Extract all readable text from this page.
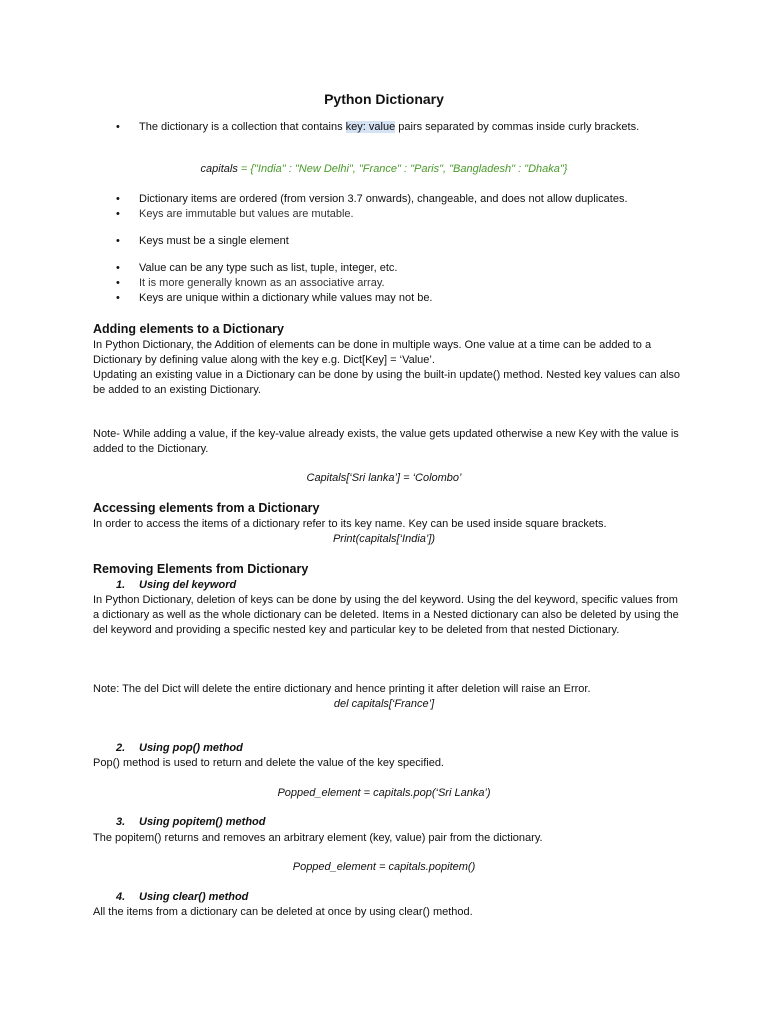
Python Dictionary
• The dictionary is a collection that contains key: value pairs separated by commas inside curly brackets.
capitals = {"India" : "New Delhi", "France" : "Paris", "Bangladesh" : "Dhaka"}
• Dictionary items are ordered (from version 3.7 onwards), changeable, and does not allow duplicates.
• Keys are immutable but values are mutable.
• Keys must be a single element
• Value can be any type such as list, tuple, integer, etc.
• It is more generally known as an associative array.
• Keys are unique within a dictionary while values may not be.
Adding elements to a Dictionary
In Python Dictionary, the Addition of elements can be done in multiple ways. One value at a time can be added to a Dictionary by defining value along with the key e.g. Dict[Key] = ‘Value’.
Updating an existing value in a Dictionary can be done by using the built-in update() method. Nested key values can also be added to an existing Dictionary.
Note- While adding a value, if the key-value already exists, the value gets updated otherwise a new Key with the value is added to the Dictionary.
Capitals[‘Sri lanka’] = ‘Colombo’
Accessing elements from a Dictionary
In order to access the items of a dictionary refer to its key name. Key can be used inside square brackets.
Print(capitals[‘India’])
Removing Elements from Dictionary
1. Using del keyword
In Python Dictionary, deletion of keys can be done by using the del keyword. Using the del keyword, specific values from a dictionary as well as the whole dictionary can be deleted. Items in a Nested dictionary can also be deleted by using the del keyword and providing a specific nested key and particular key to be deleted from that nested Dictionary.
Note: The del Dict will delete the entire dictionary and hence printing it after deletion will raise an Error.
del capitals[‘France’]
2. Using pop() method
Pop() method is used to return and delete the value of the key specified.
Popped_element = capitals.pop(‘Sri Lanka’)
3. Using popitem() method
The popitem() returns and removes an arbitrary element (key, value) pair from the dictionary.
Popped_element = capitals.popitem()
4. Using clear() method
All the items from a dictionary can be deleted at once by using clear() method.
